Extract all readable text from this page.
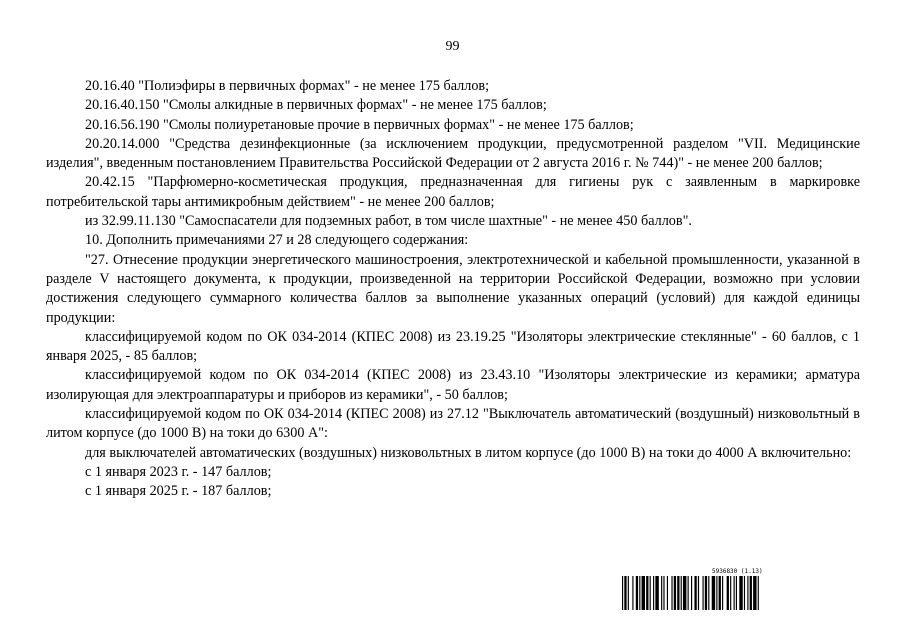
99

20.16.40 "Полиэфиры в первичных формах" - не менее 175 баллов;

20.16.40.150 "Смолы алкидные в первичных формах" - не менее 175 баллов;

20.16.56.190 "Смолы полиуретановые прочие в первичных формах" - не менее 175 баллов;

20.20.14.000 "Средства дезинфекционные (за исключением продукции, предусмотренной разделом "VII. Медицинские изделия", введенным постановлением Правительства Российской Федерации от 2 августа 2016 г. № 744)" - не менее 200 баллов;

20.42.15 "Парфюмерно-косметическая продукция, предназначенная для гигиены рук с заявленным в маркировке потребительской тары антимикробным действием" - не менее 200 баллов;

из 32.99.11.130 "Самоспасатели для подземных работ, в том числе шахтные" - не менее 450 баллов".

10. Дополнить примечаниями 27 и 28 следующего содержания:

"27. Отнесение продукции энергетического машиностроения, электротехнической и кабельной промышленности, указанной в разделе V настоящего документа, к продукции, произведенной на территории Российской Федерации, возможно при условии достижения следующего суммарного количества баллов за выполнение указанных операций (условий) для каждой единицы продукции:

классифицируемой кодом по ОК 034-2014 (КПЕС 2008) из 23.19.25 "Изоляторы электрические стеклянные" - 60 баллов, с 1 января 2025, - 85 баллов;

классифицируемой кодом по ОК 034-2014 (КПЕС 2008) из 23.43.10 "Изоляторы электрические из керамики; арматура изолирующая для электроаппаратуры и приборов из керамики", - 50 баллов;

классифицируемой кодом по ОК 034-2014 (КПЕС 2008) из 27.12 "Выключатель автоматический (воздушный) низковольтный в литом корпусе (до 1000 В) на токи до 6300 А":

для выключателей автоматических (воздушных) низковольтных в литом корпусе (до 1000 В) на токи до 4000 А включительно:

с 1 января 2023 г. - 147 баллов;

с 1 января 2025 г. - 187 баллов;

5936830 (1.13)
